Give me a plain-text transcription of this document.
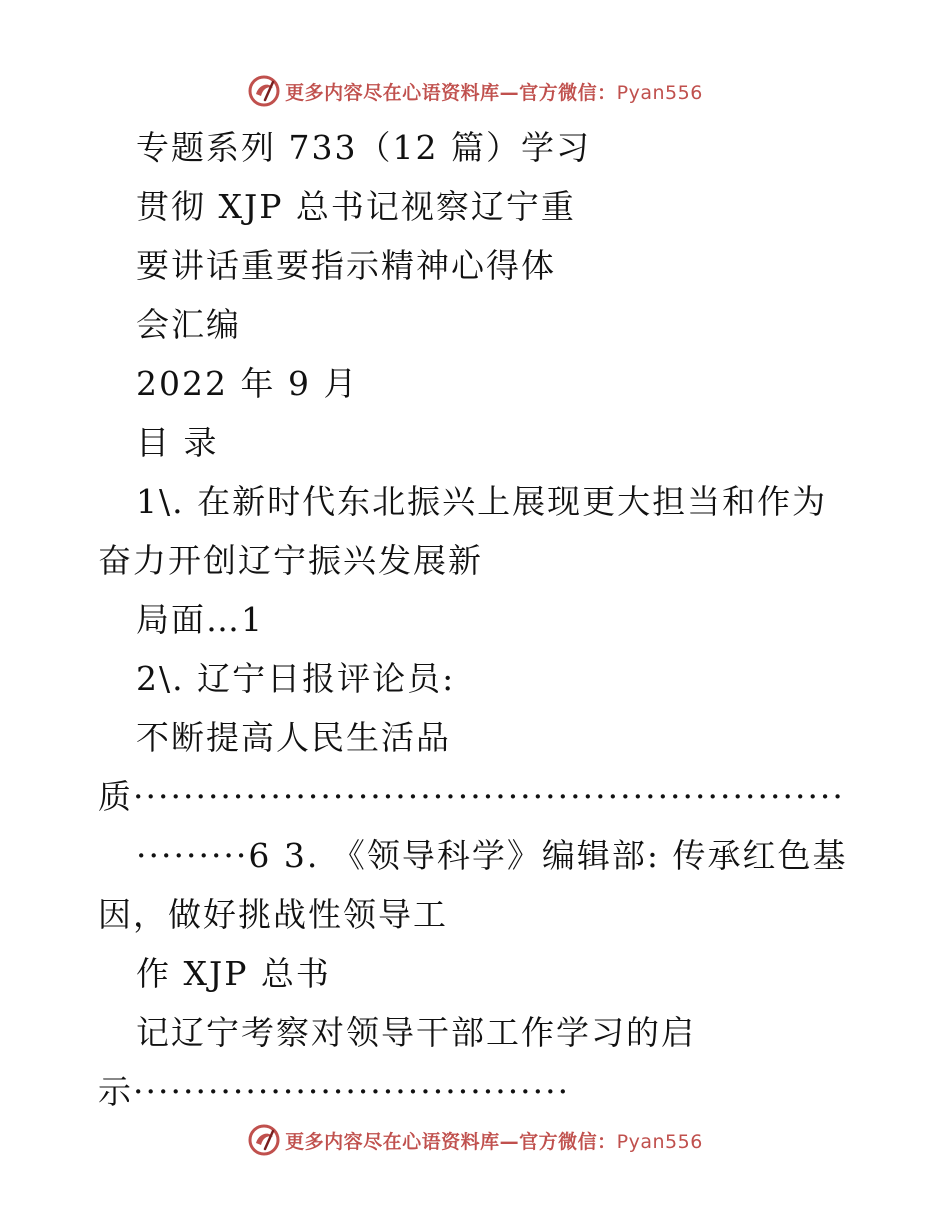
更多内容尽在心语资料库—官方微信：Pyan556
专题系列 733（12 篇）学习
贯彻 XJP 总书记视察辽宁重
要讲话重要指示精神心得体
会汇编
2022 年 9 月
目 录
1\. 在新时代东北振兴上展现更大担当和作为
奋力开创辽宁振兴发展新
局面…1
2\. 辽宁日报评论员:
不断提高人民生活品
质·························································
·········6 3. 《领导科学》编辑部: 传承红色基
因，做好挑战性领导工
作 XJP 总书
记辽宁考察对领导干部工作学习的启
示···································
更多内容尽在心语资料库—官方微信：Pyan556
